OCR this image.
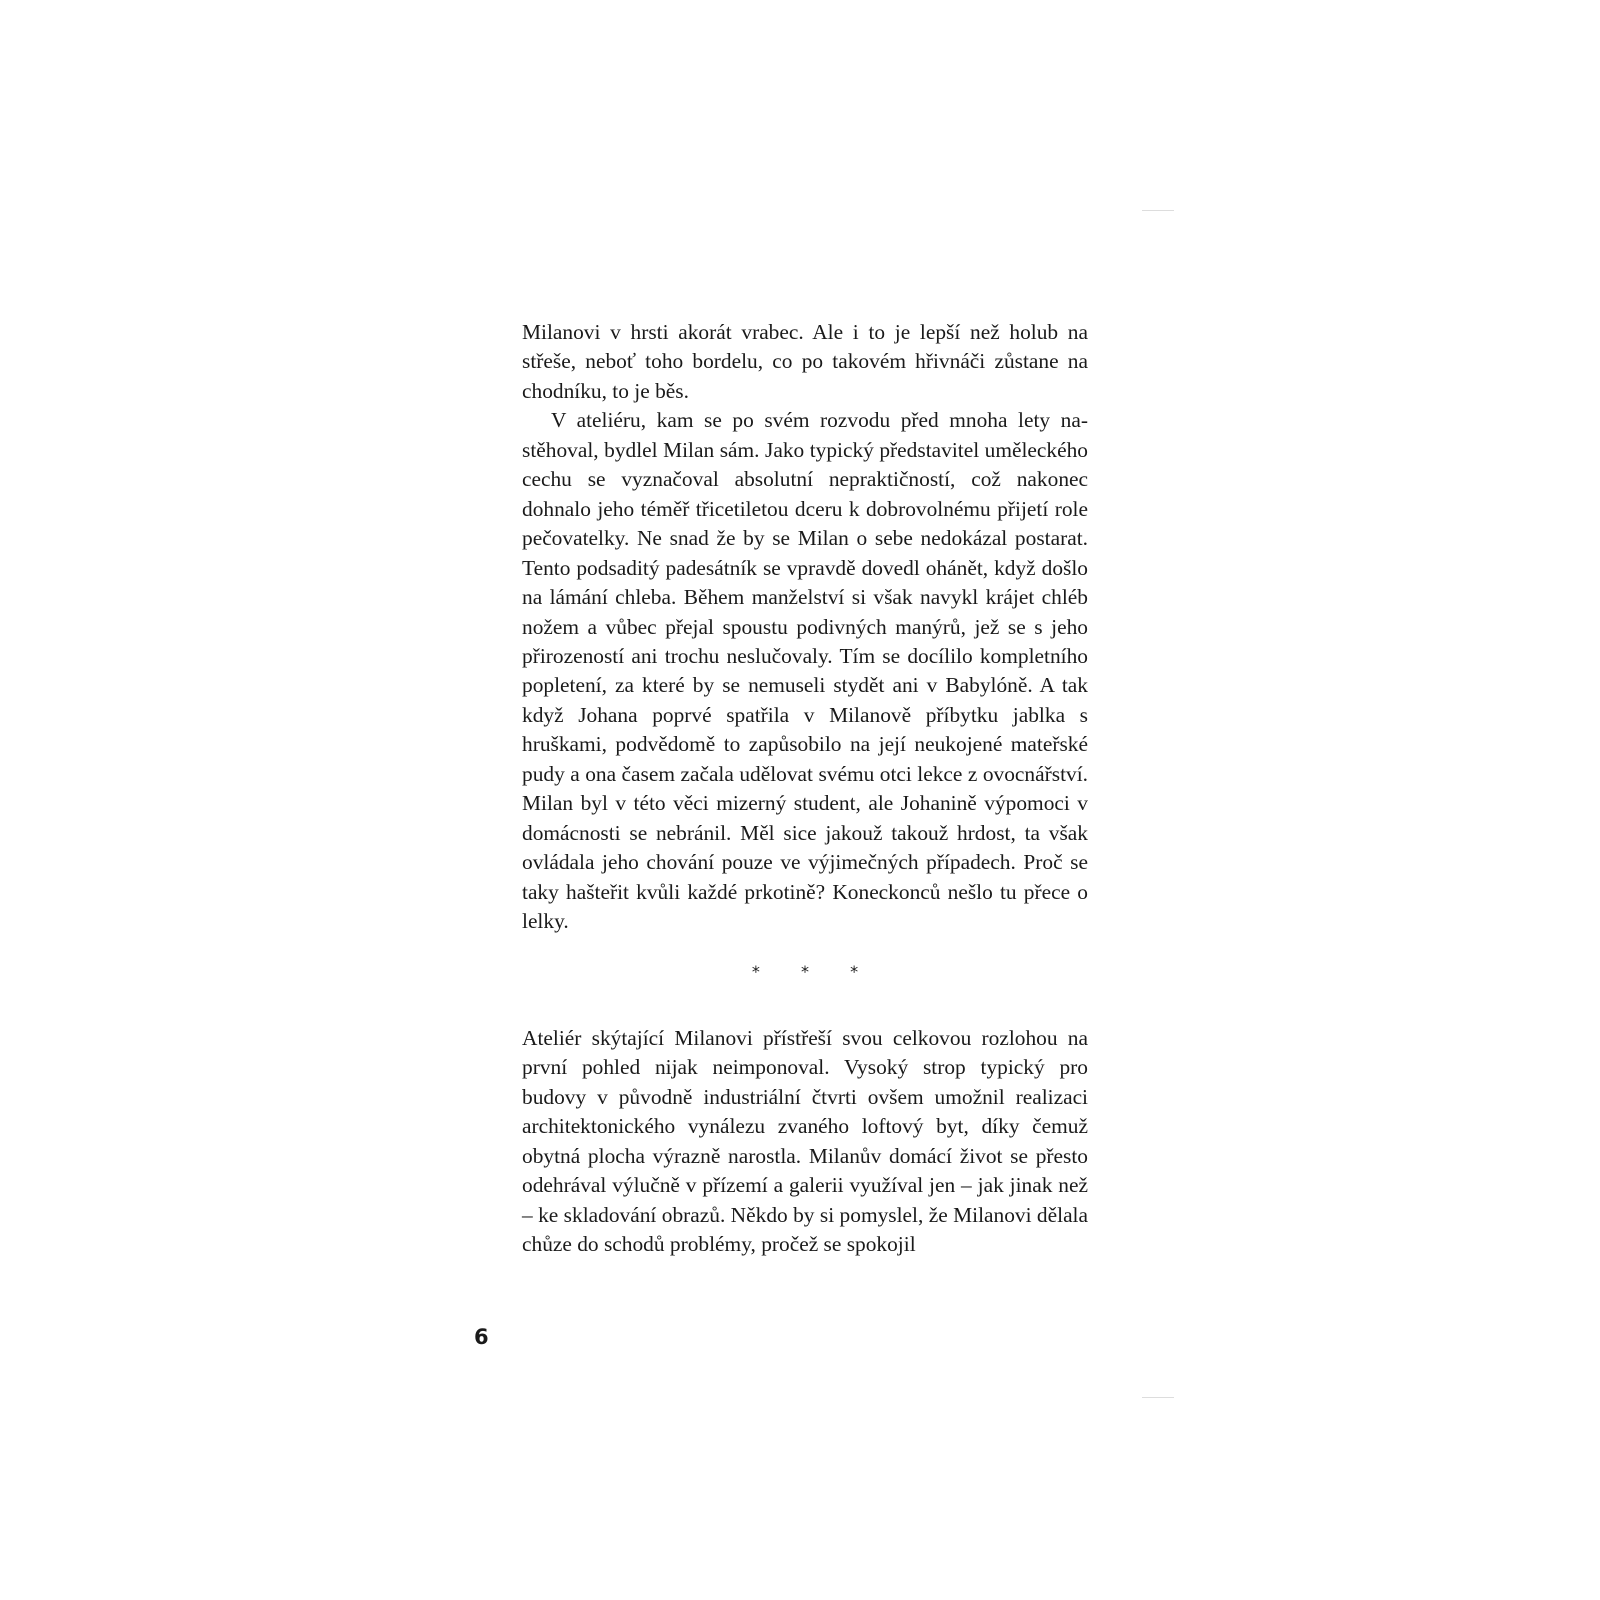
Milanovi v hrsti akorát vrabec. Ale i to je lepší než holub na střeše, neboť toho bordelu, co po takovém hřivnáči zůstane na chodníku, to je běs.

V ateliéru, kam se po svém rozvodu před mnoha lety nastěhoval, bydlel Milan sám. Jako typický představitel uměleckého cechu se vyznačoval absolutní nepraktičností, což nakonec dohnalo jeho téměř třicetiletou dceru k dobrovolnému přijetí role pečovatelky. Ne snad že by se Milan o sebe nedokázal postarat. Tento podsaditý padesátník se vpravdě dovedl ohánět, když došlo na lámání chleba. Během manželství si však navykl krájet chléb nožem a vůbec přejal spoustu podivných manýrů, jež se s jeho přirozeností ani trochu neslučovaly. Tím se docílilo kompletního popletení, za které by se nemuseli stydět ani v Babylóně. A tak když Johana poprvé spatřila v Milanově příbytku jablka s hruškami, podvědomě to zapůsobilo na její neukojené mateřské pudy a ona časem začala udělovat svému otci lekce z ovocnářství. Milan byl v této věci mizerný student, ale Johanině výpomoci v domácnosti se nebránil. Měl sice jakouž takouž hrdost, ta však ovládala jeho chování pouze ve výjimečných případech. Proč se taky hašteřit kvůli každé prkotině? Koneckonců nešlo tu přece o lelky.

* * *

Ateliér skýtající Milanovi přístřeší svou celkovou rozlohou na první pohled nijak neimponoval. Vysoký strop typický pro budovy v původně industriální čtvrti ovšem umožnil realizaci architektonického vynálezu zvaného loftový byt, díky čemuž obytná plocha výrazně narostla. Milanův domácí život se přesto odehrával výlučně v přízemí a galerii využíval jen – jak jinak než – ke skladování obrazů. Někdo by si pomyslel, že Milanovi dělala chůze do schodů problémy, pročež se spokojil

6
